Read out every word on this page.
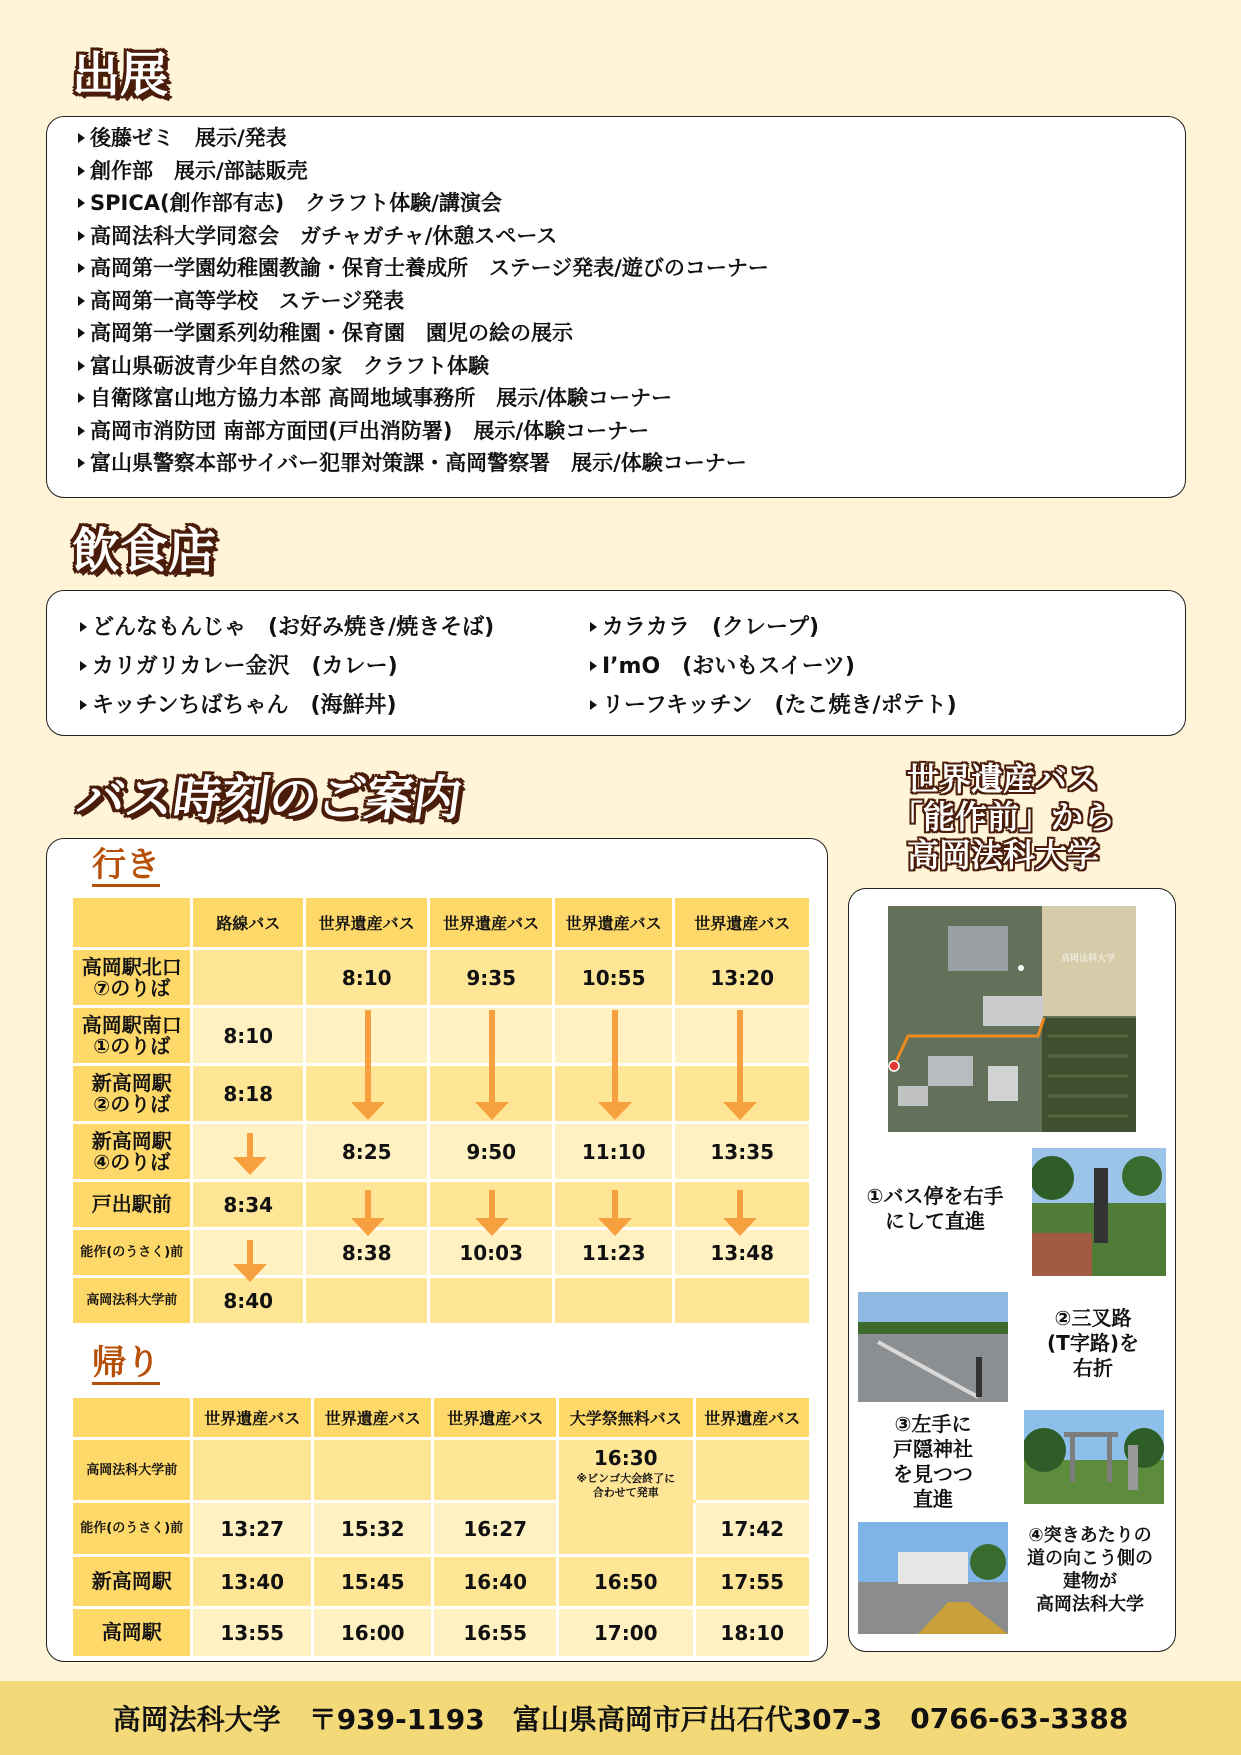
出展
飲食店
バス時刻のご案内
後藤ゼミ　展示/発表
創作部　展示/部誌販売
SPICA(創作部有志)　クラフト体験/講演会
高岡法科大学同窓会　ガチャガチャ/休憩スペース
高岡第一学園幼稚園教諭・保育士養成所　ステージ発表/遊びのコーナー
高岡第一高等学校　ステージ発表
高岡第一学園系列幼稚園・保育園　園児の絵の展示
富山県砺波青少年自然の家　クラフト体験
自衛隊富山地方協力本部 高岡地域事務所　展示/体験コーナー
高岡市消防団 南部方面団(戸出消防署)　展示/体験コーナー
富山県警察本部サイバー犯罪対策課・高岡警察署　展示/体験コーナー
どんなもんじゃ　(お好み焼き/焼きそば)
カリガリカレー金沢　(カレー)
キッチンちばちゃん　(海鮮丼)
カラカラ　(クレープ)
I’mO　(おいもスイーツ)
リーフキッチン　(たこ焼き/ポテト)
行き
	路線バス	世界遺産バス	世界遺産バス	世界遺産バス	世界遺産バス
高岡駅北口
⑦のりば		8:10	9:35	10:55	13:20
高岡駅南口
①のりば	8:10				
新高岡駅
②のりば	8:18				
新高岡駅
④のりば		8:25	9:50	11:10	13:35
戸出駅前	8:34				
能作(のうさく)前		8:38	10:03	11:23	13:48
高岡法科大学前	8:40				
帰り
	世界遺産バス	世界遺産バス	世界遺産バス	大学祭無料バス	世界遺産バス
高岡法科大学前				16:30
※ビンゴ大会終了に
合わせて発車	

能作(のうさく)前	13:27	15:32	16:27		17:42
新高岡駅	13:40	15:45	16:40	16:50	17:55
高岡駅	13:55	16:00	16:55	17:00	18:10
世界遺産バス
「能作前」から
高岡法科大学
高岡法科大学
①バス停を右手
にして直進
②三叉路
(T字路)を
右折
③左手に
戸隠神社
を見つつ
直進
④突きあたりの
道の向こう側の
建物が
高岡法科大学
高岡法科大学 〒939-1193 富山県高岡市戸出石代307-3 0766-63-3388
